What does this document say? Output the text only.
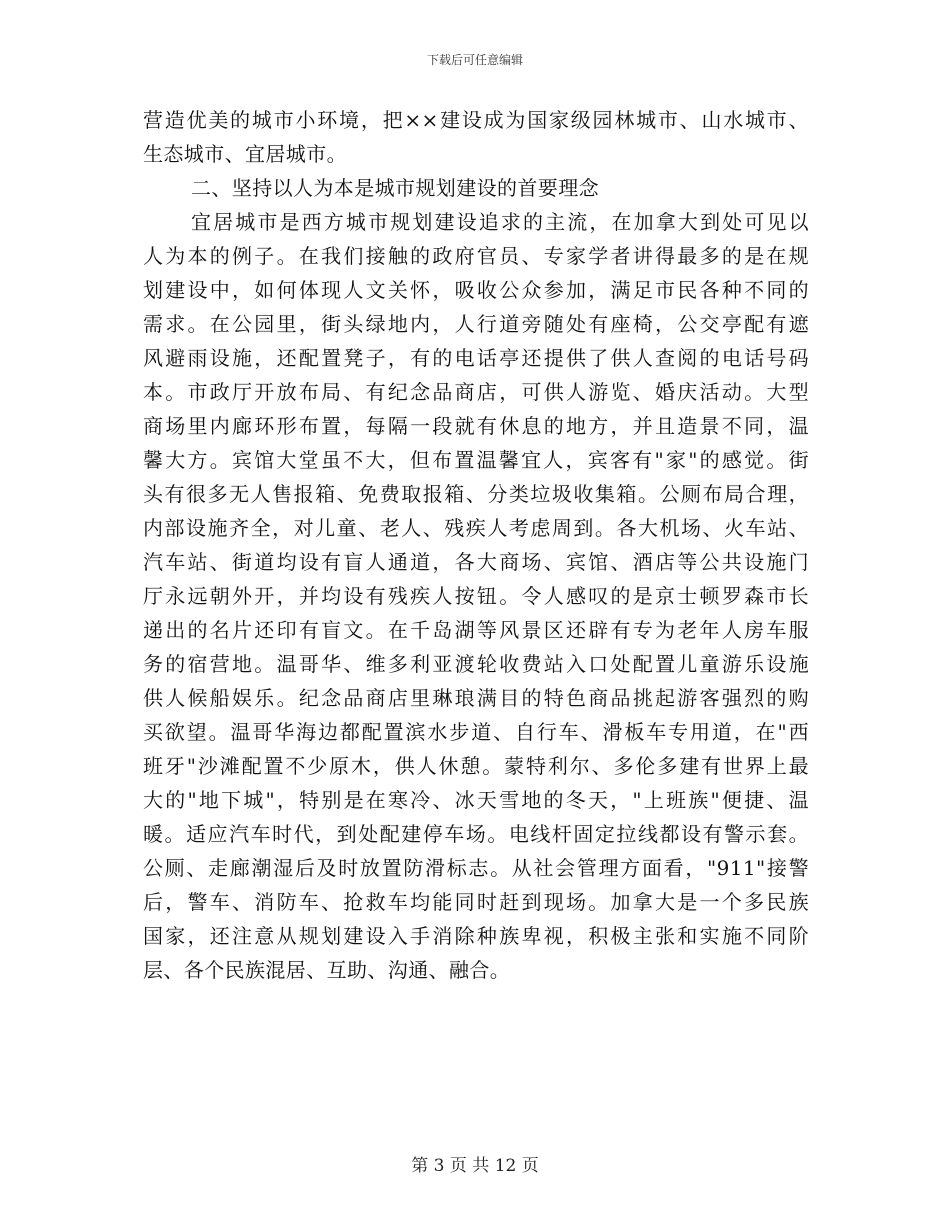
下载后可任意编辑
营造优美的城市小环境，把××建设成为国家级园林城市、山水城市、
生态城市、宜居城市。
二、坚持以人为本是城市规划建设的首要理念
宜居城市是西方城市规划建设追求的主流，在加拿大到处可见以
人为本的例子。在我们接触的政府官员、专家学者讲得最多的是在规
划建设中，如何体现人文关怀，吸收公众参加，满足市民各种不同的
需求。在公园里，街头绿地内，人行道旁随处有座椅，公交亭配有遮
风避雨设施，还配置凳子，有的电话亭还提供了供人查阅的电话号码
本。市政厅开放布局、有纪念品商店，可供人游览、婚庆活动。大型
商场里内廊环形布置，每隔一段就有休息的地方，并且造景不同，温
馨大方。宾馆大堂虽不大，但布置温馨宜人，宾客有"家"的感觉。街
头有很多无人售报箱、免费取报箱、分类垃圾收集箱。公厕布局合理，
内部设施齐全，对儿童、老人、残疾人考虑周到。各大机场、火车站、
汽车站、街道均设有盲人通道，各大商场、宾馆、酒店等公共设施门
厅永远朝外开，并均设有残疾人按钮。令人感叹的是京士顿罗森市长
递出的名片还印有盲文。在千岛湖等风景区还辟有专为老年人房车服
务的宿营地。温哥华、维多利亚渡轮收费站入口处配置儿童游乐设施
供人候船娱乐。纪念品商店里琳琅满目的特色商品挑起游客强烈的购
买欲望。温哥华海边都配置滨水步道、自行车、滑板车专用道，在"西
班牙"沙滩配置不少原木，供人休憩。蒙特利尔、多伦多建有世界上最
大的"地下城"，特别是在寒冷、冰天雪地的冬天，"上班族"便捷、温
暖。适应汽车时代，到处配建停车场。电线杆固定拉线都设有警示套。
公厕、走廊潮湿后及时放置防滑标志。从社会管理方面看，"911"接警
后，警车、消防车、抢救车均能同时赶到现场。加拿大是一个多民族
国家，还注意从规划建设入手消除种族卑视，积极主张和实施不同阶
层、各个民族混居、互助、沟通、融合。
第 3 页 共 12 页
